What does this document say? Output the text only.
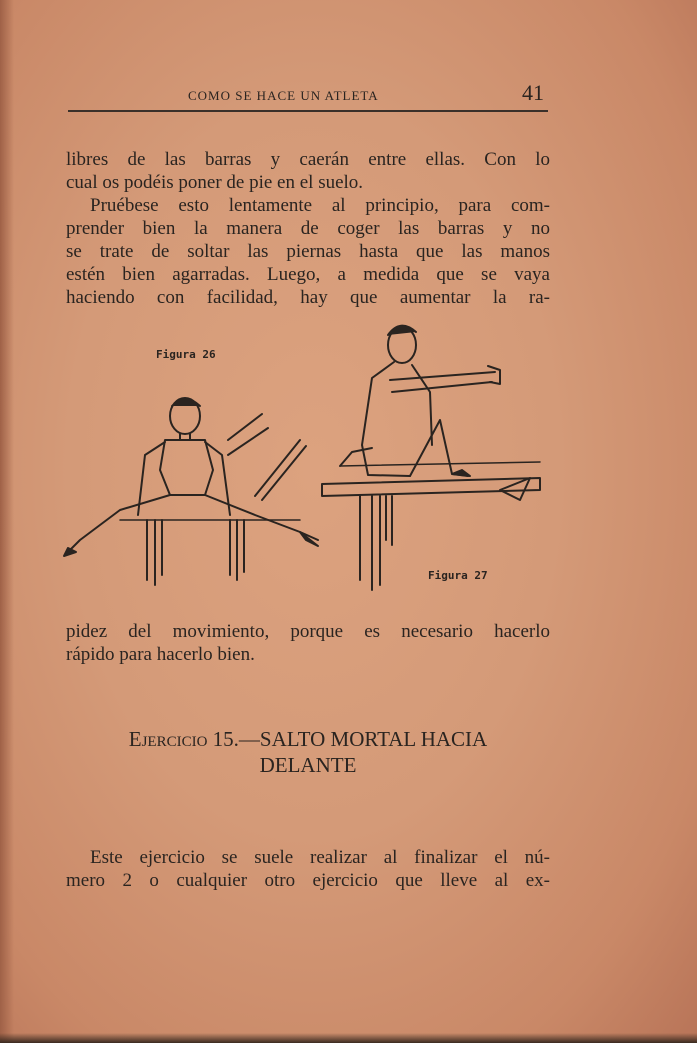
COMO SE HACE UN ATLETA	41
libres de las barras y caerán entre ellas. Con lo
cual os podéis poner de pie en el suelo.
Pruébese esto lentamente al principio, para com-
prender bien la manera de coger las barras y no
se trate de soltar las piernas hasta que las manos
estén bien agarradas. Luego, a medida que se vaya
haciendo con facilidad, hay que aumentar la ra-
Figura 26
Figura 27
pidez del movimiento, porque es necesario hacerlo
rápido para hacerlo bien.
Ejercicio 15.—SALTO MORTAL HACIA
DELANTE
Este ejercicio se suele realizar al finalizar el nú-
mero 2 o cualquier otro ejercicio que lleve al ex-
